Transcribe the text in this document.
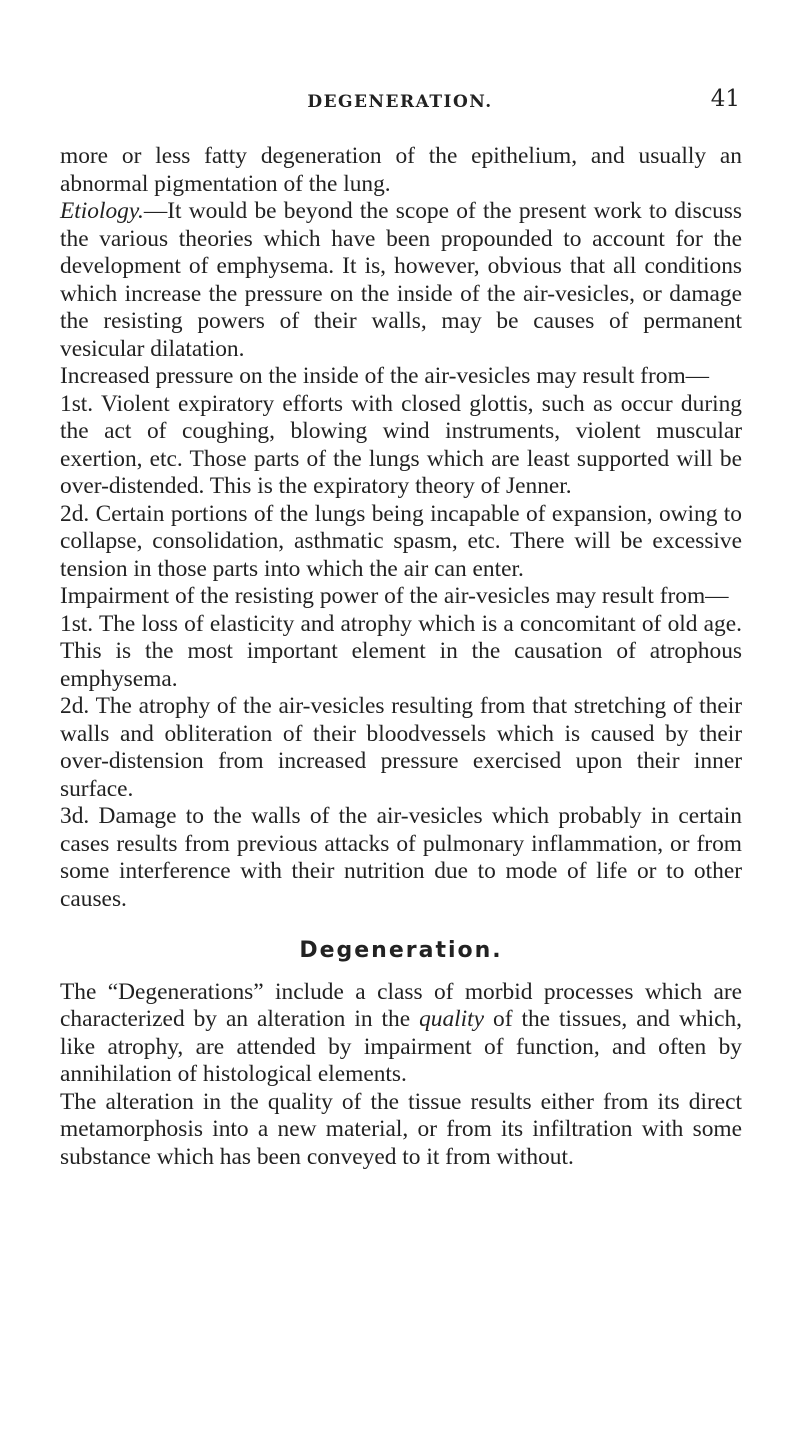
DEGENERATION.	41

more or less fatty degeneration of the epithelium, and usually an abnormal pigmentation of the lung.

Etiology.—It would be beyond the scope of the present work to discuss the various theories which have been propounded to account for the development of emphysema. It is, however, obvious that all conditions which increase the pressure on the inside of the air-vesicles, or damage the resisting powers of their walls, may be causes of permanent vesicular dilatation.

Increased pressure on the inside of the air-vesicles may result from—

1st. Violent expiratory efforts with closed glottis, such as occur during the act of coughing, blowing wind instruments, violent muscular exertion, etc. Those parts of the lungs which are least supported will be over-distended. This is the expiratory theory of Jenner.

2d. Certain portions of the lungs being incapable of expansion, owing to collapse, consolidation, asthmatic spasm, etc. There will be excessive tension in those parts into which the air can enter.

Impairment of the resisting power of the air-vesicles may result from—

1st. The loss of elasticity and atrophy which is a concomitant of old age. This is the most important element in the causation of atrophous emphysema.

2d. The atrophy of the air-vesicles resulting from that stretching of their walls and obliteration of their bloodvessels which is caused by their over-distension from increased pressure exercised upon their inner surface.

3d. Damage to the walls of the air-vesicles which probably in certain cases results from previous attacks of pulmonary inflammation, or from some interference with their nutrition due to mode of life or to other causes.

Degeneration.

The “Degenerations” include a class of morbid processes which are characterized by an alteration in the quality of the tissues, and which, like atrophy, are attended by impairment of function, and often by annihilation of histological elements.

The alteration in the quality of the tissue results either from its direct metamorphosis into a new material, or from its infiltration with some substance which has been conveyed to it from without.
